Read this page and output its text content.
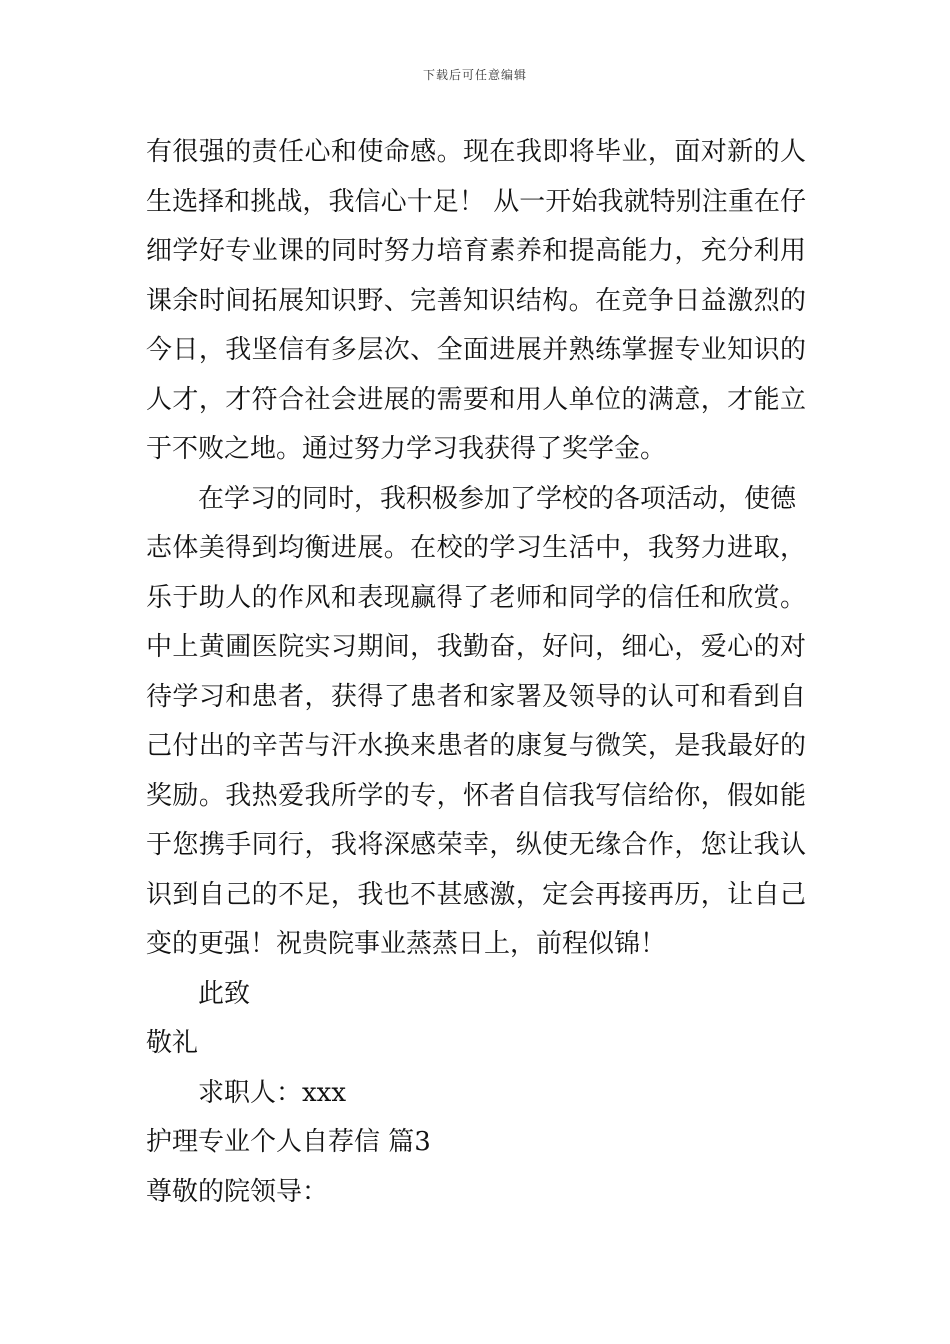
下载后可任意编辑
有很强的责任心和使命感。现在我即将毕业，面对新的人
生选择和挑战，我信心十足！ 从一开始我就特别注重在仔
细学好专业课的同时努力培育素养和提高能力，充分利用
课余时间拓展知识野、完善知识结构。在竞争日益激烈的
今日，我坚信有多层次、全面进展并熟练掌握专业知识的
人才，才符合社会进展的需要和用人单位的满意，才能立
于不败之地。通过努力学习我获得了奖学金。
在学习的同时，我积极参加了学校的各项活动，使德
志体美得到均衡进展。在校的学习生活中，我努力进取，
乐于助人的作风和表现赢得了老师和同学的信任和欣赏。
中上黄圃医院实习期间，我勤奋，好问，细心，爱心的对
待学习和患者，获得了患者和家署及领导的认可和看到自
己付出的辛苦与汗水换来患者的康复与微笑，是我最好的
奖励。我热爱我所学的专，怀者自信我写信给你，假如能
于您携手同行，我将深感荣幸，纵使无缘合作，您让我认
识到自己的不足，我也不甚感激，定会再接再历，让自己
变的更强！祝贵院事业蒸蒸日上，前程似锦！
此致
敬礼
求职人：xxx
护理专业个人自荐信 篇3
尊敬的院领导：
